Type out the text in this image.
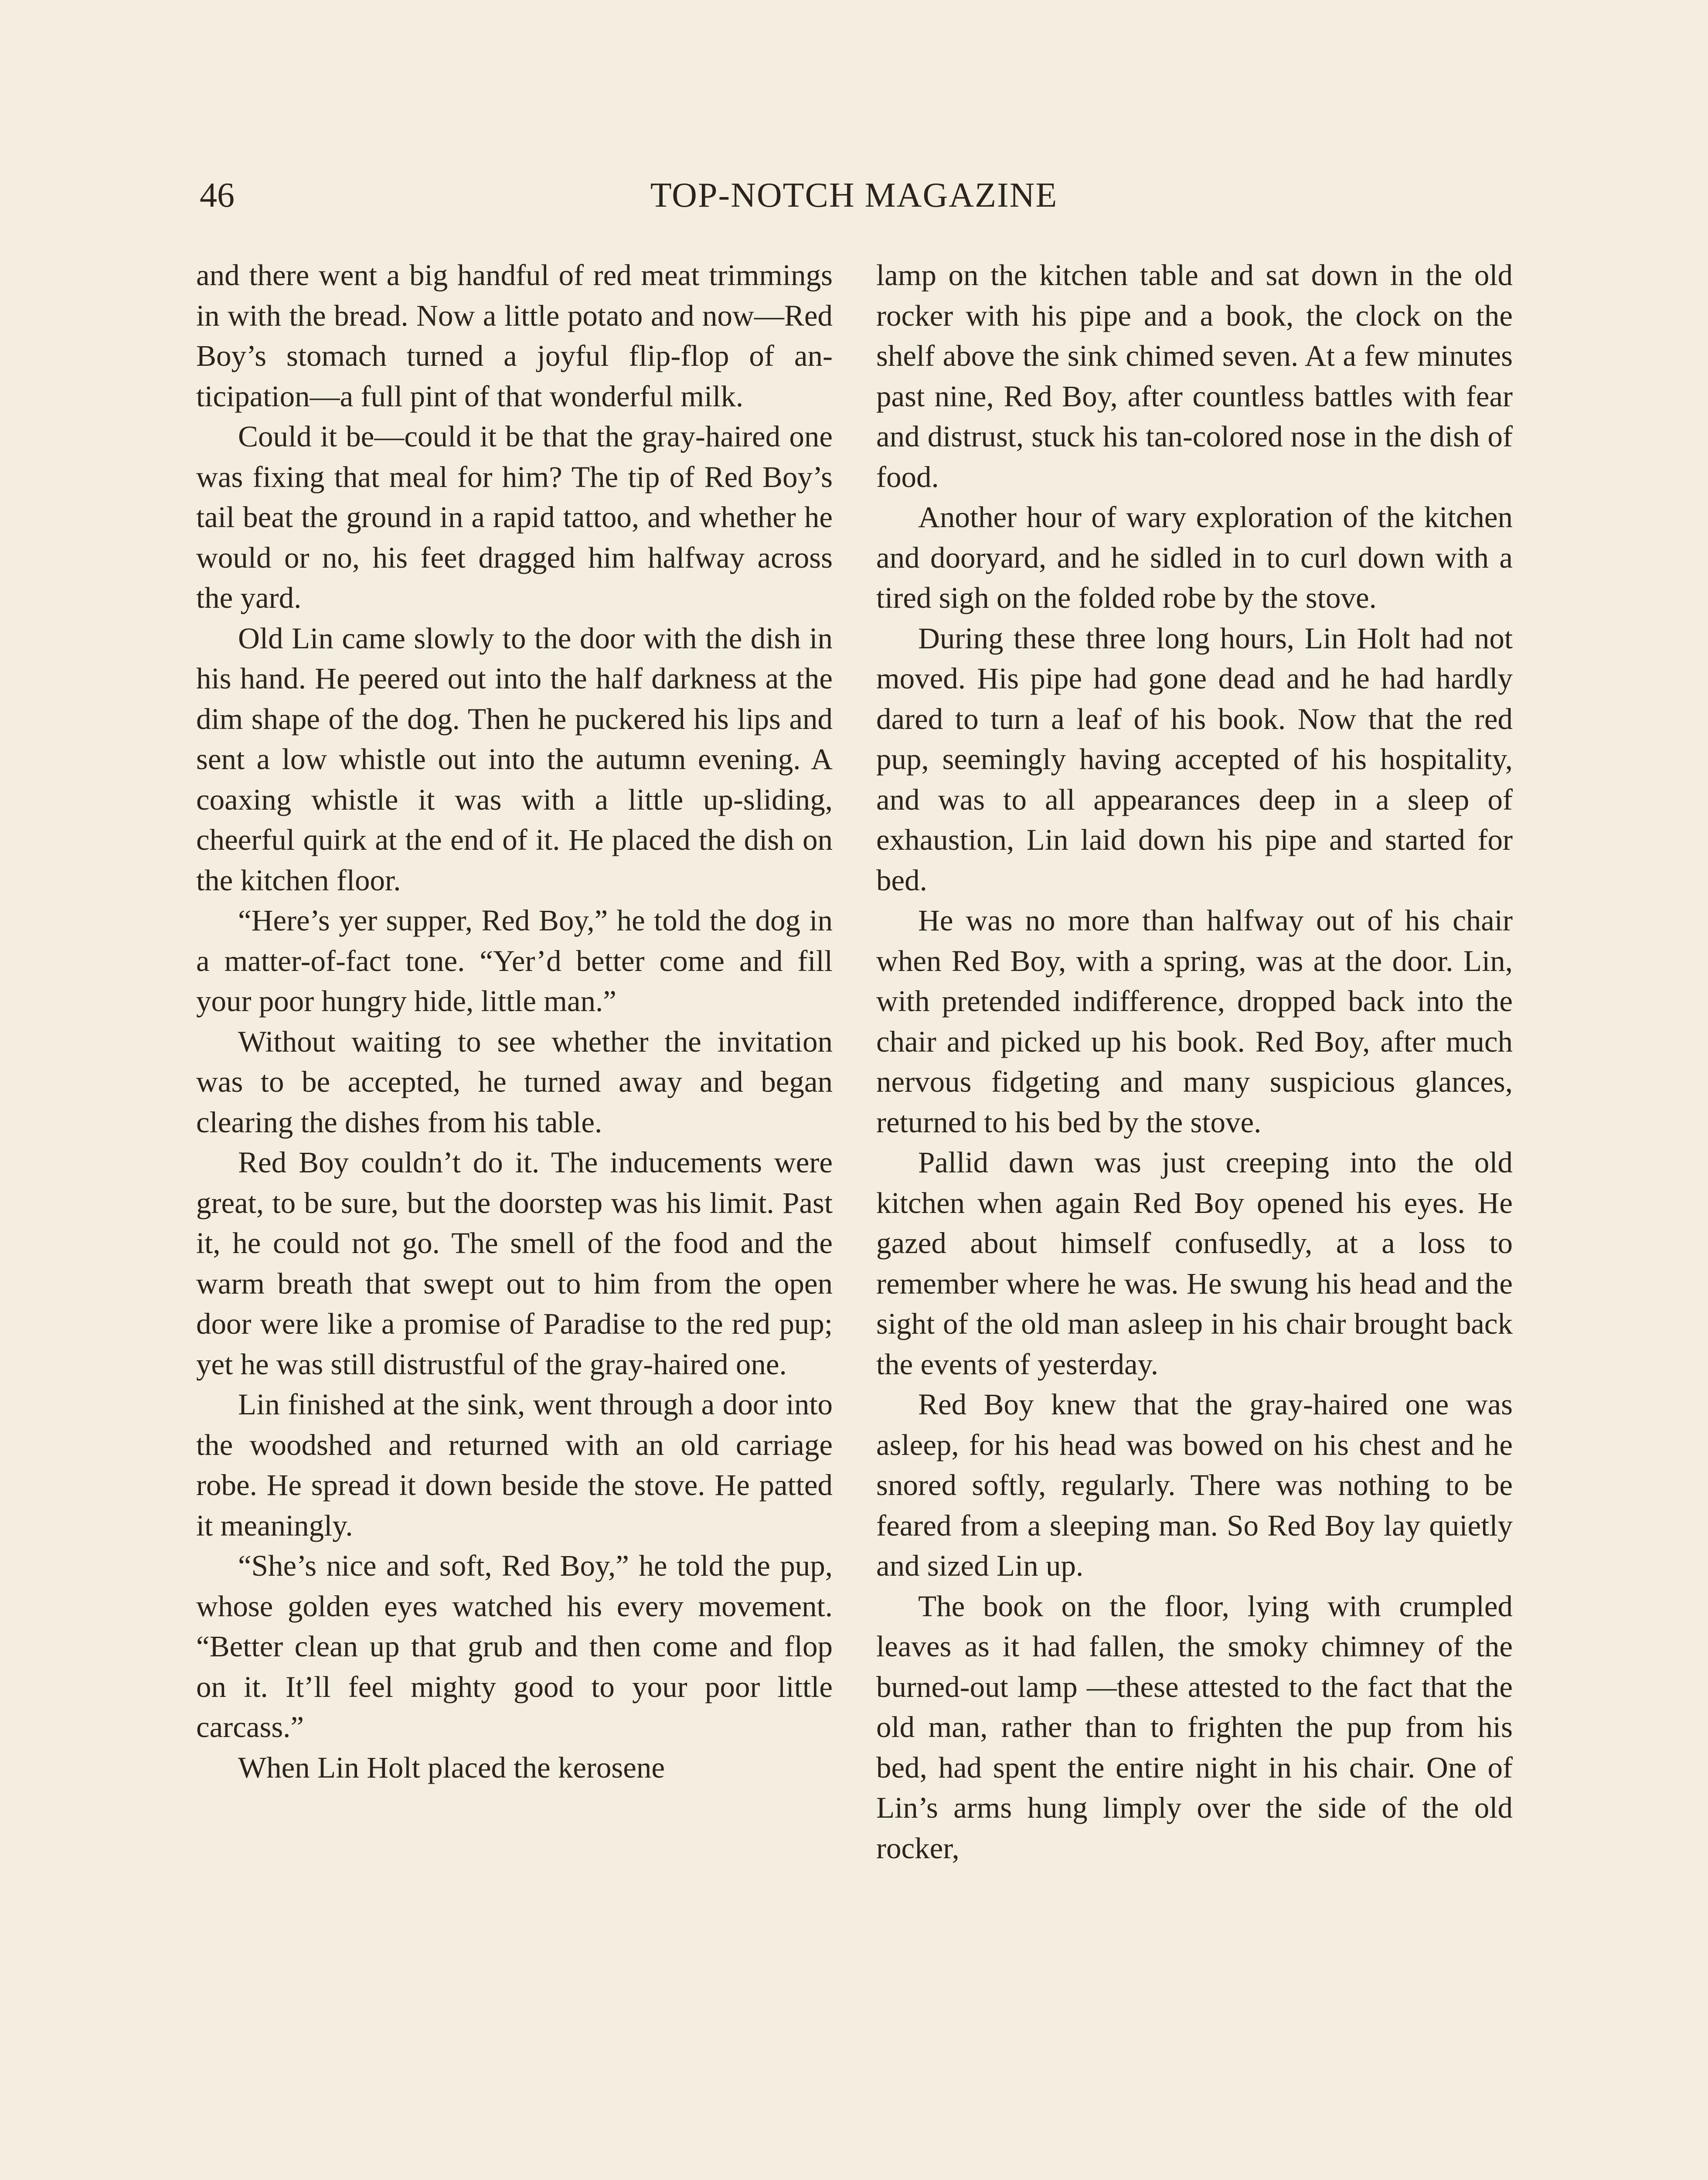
46	TOP-NOTCH MAGAZINE

and there went a big handful of red meat trimmings in with the bread. Now a little potato and now—Red Boy’s stomach turned a joyful flip-flop of anticipation—a full pint of that wonderful milk.

Could it be—could it be that the gray-haired one was fixing that meal for him? The tip of Red Boy’s tail beat the ground in a rapid tattoo, and whether he would or no, his feet dragged him halfway across the yard.

Old Lin came slowly to the door with the dish in his hand. He peered out into the half darkness at the dim shape of the dog. Then he puckered his lips and sent a low whistle out into the autumn evening. A coaxing whistle it was with a little up-sliding, cheerful quirk at the end of it. He placed the dish on the kitchen floor.

“Here’s yer supper, Red Boy,” he told the dog in a matter-of-fact tone. “Yer’d better come and fill your poor hungry hide, little man.”

Without waiting to see whether the invitation was to be accepted, he turned away and began clearing the dishes from his table.

Red Boy couldn’t do it. The inducements were great, to be sure, but the doorstep was his limit. Past it, he could not go. The smell of the food and the warm breath that swept out to him from the open door were like a promise of Paradise to the red pup; yet he was still distrustful of the gray-haired one.

Lin finished at the sink, went through a door into the woodshed and returned with an old carriage robe. He spread it down beside the stove. He patted it meaningly.

“She’s nice and soft, Red Boy,” he told the pup, whose golden eyes watched his every movement. “Better clean up that grub and then come and flop on it. It’ll feel mighty good to your poor little carcass.”

When Lin Holt placed the kerosene

lamp on the kitchen table and sat down in the old rocker with his pipe and a book, the clock on the shelf above the sink chimed seven. At a few minutes past nine, Red Boy, after countless battles with fear and distrust, stuck his tan-colored nose in the dish of food.

Another hour of wary exploration of the kitchen and dooryard, and he sidled in to curl down with a tired sigh on the folded robe by the stove.

During these three long hours, Lin Holt had not moved. His pipe had gone dead and he had hardly dared to turn a leaf of his book. Now that the red pup, seemingly having accepted of his hospitality, and was to all appearances deep in a sleep of exhaustion, Lin laid down his pipe and started for bed.

He was no more than halfway out of his chair when Red Boy, with a spring, was at the door. Lin, with pretended indifference, dropped back into the chair and picked up his book. Red Boy, after much nervous fidgeting and many suspicious glances, returned to his bed by the stove.

Pallid dawn was just creeping into the old kitchen when again Red Boy opened his eyes. He gazed about himself confusedly, at a loss to remember where he was. He swung his head and the sight of the old man asleep in his chair brought back the events of yesterday.

Red Boy knew that the gray-haired one was asleep, for his head was bowed on his chest and he snored softly, regularly. There was nothing to be feared from a sleeping man. So Red Boy lay quietly and sized Lin up.

The book on the floor, lying with crumpled leaves as it had fallen, the smoky chimney of the burned-out lamp —these attested to the fact that the old man, rather than to frighten the pup from his bed, had spent the entire night in his chair. One of Lin’s arms hung limply over the side of the old rocker,
